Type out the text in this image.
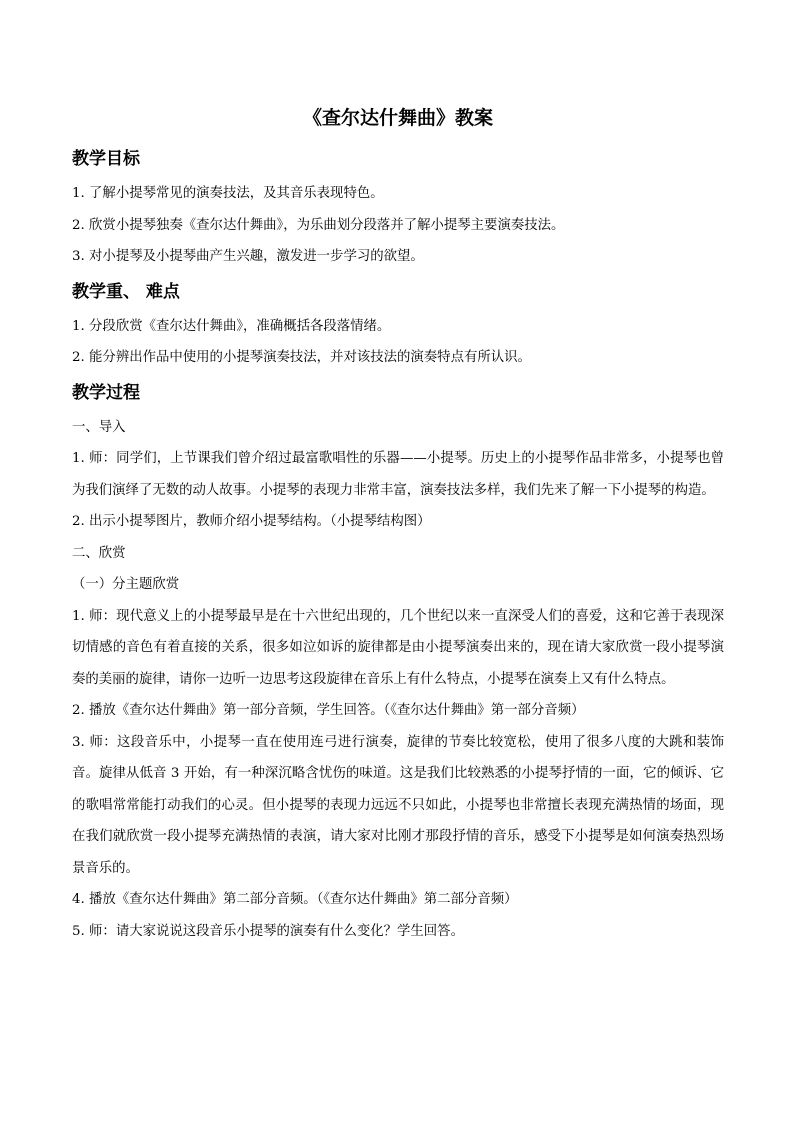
《查尔达什舞曲》教案
教学目标

1. 了解小提琴常见的演奏技法，及其音乐表现特色。

2. 欣赏小提琴独奏《查尔达什舞曲》，为乐曲划分段落并了解小提琴主要演奏技法。

3. 对小提琴及小提琴曲产生兴趣，激发进一步学习的欲望。

教学重、 难点

1. 分段欣赏《查尔达什舞曲》，准确概括各段落情绪。

2. 能分辨出作品中使用的小提琴演奏技法，并对该技法的演奏特点有所认识。

教学过程

一、导入

1. 师：同学们，上节课我们曾介绍过最富歌唱性的乐器——小提琴。历史上的小提琴作品非常多，小提琴也曾为我们演绎了无数的动人故事。小提琴的表现力非常丰富，演奏技法多样，我们先来了解一下小提琴的构造。

2. 出示小提琴图片，教师介绍小提琴结构。（小提琴结构图）

二、欣赏

（一）分主题欣赏

1. 师：现代意义上的小提琴最早是在十六世纪出现的，几个世纪以来一直深受人们的喜爱，这和它善于表现深切情感的音色有着直接的关系，很多如泣如诉的旋律都是由小提琴演奏出来的，现在请大家欣赏一段小提琴演奏的美丽的旋律，请你一边听一边思考这段旋律在音乐上有什么特点，小提琴在演奏上又有什么特点。

2. 播放《查尔达什舞曲》第一部分音频，学生回答。（《查尔达什舞曲》第一部分音频）

3. 师：这段音乐中，小提琴一直在使用连弓进行演奏，旋律的节奏比较宽松，使用了很多八度的大跳和装饰音。旋律从低音 3 开始，有一种深沉略含忧伤的味道。这是我们比较熟悉的小提琴抒情的一面，它的倾诉、它的歌唱常常能打动我们的心灵。但小提琴的表现力远远不只如此，小提琴也非常擅长表现充满热情的场面，现在我们就欣赏一段小提琴充满热情的表演，请大家对比刚才那段抒情的音乐，感受下小提琴是如何演奏热烈场景音乐的。

4. 播放《查尔达什舞曲》第二部分音频。（《查尔达什舞曲》第二部分音频）

5. 师：请大家说说这段音乐小提琴的演奏有什么变化？学生回答。
